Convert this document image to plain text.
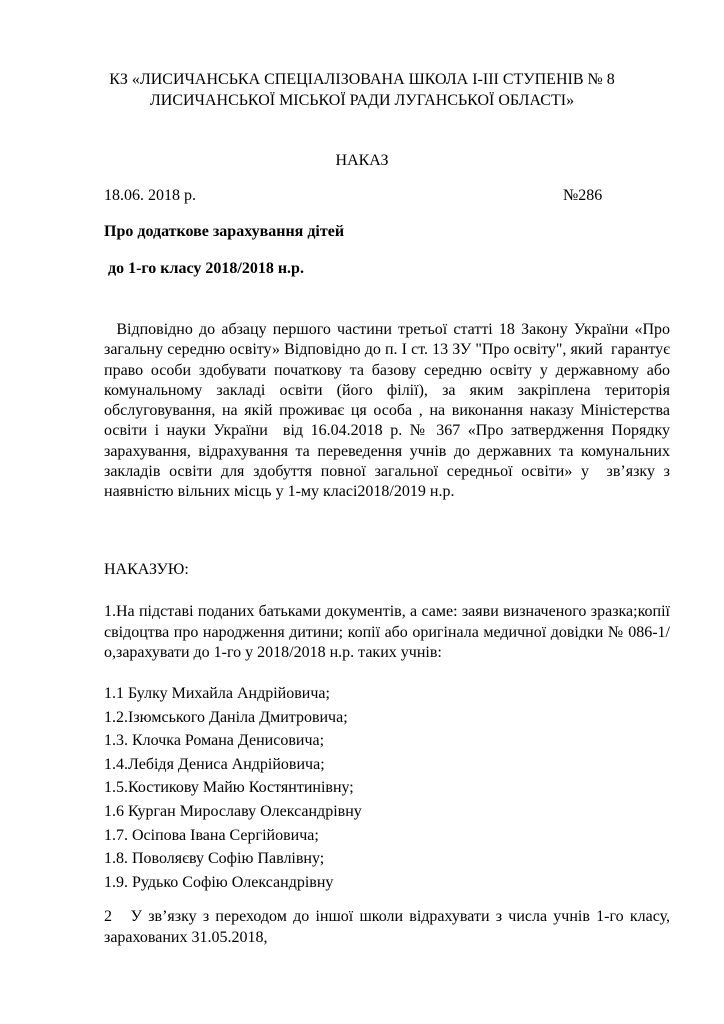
КЗ «ЛИСИЧАНСЬКА СПЕЦІАЛІЗОВАНА ШКОЛА І-ІІІ СТУПЕНІВ № 8
ЛИСИЧАНСЬКОЇ МІСЬКОЇ РАДИ ЛУГАНСЬКОЇ ОБЛАСТІ»
НАКАЗ
18.06. 2018 р.	№286
Про додаткове зарахування дітей
до 1-го класу 2018/2018 н.р.
Відповідно до абзацу першого частини третьої статті 18 Закону України «Про загальну середню освіту» Відповідно до п. I ст. 13 ЗУ "Про освіту", який  гарантує право особи здобувати початкову та базову середню освіту у державному або комунальному закладі освіти (його філії), за яким закріплена територія обслуговування, на якій проживає ця особа , на виконання наказу Міністерства освіти і науки України  від 16.04.2018 р. № 367 «Про затвердження Порядку зарахування, відрахування та переведення учнів до державних та комунальних закладів освіти для здобуття повної загальної середньої освіти» у  зв’язку з наявністю вільних місць у 1-му класі2018/2019 н.р.
НАКАЗУЮ:
1.На підставі поданих батьками документів, а саме: заяви визначеного зразка;копії свідоцтва про народження дитини; копії або оригінала медичної довідки № 086-1/о,зарахувати до 1-го у 2018/2018 н.р. таких учнів:
1.1 Булку Михайла Андрійовича;
1.2.Ізюмського Даніла Дмитровича;
1.3. Клочка Романа Денисовича;
1.4.Лебідя Дениса Андрійовича;
1.5.Костикову Майю Костянтинівну;
1.6 Курган Мирославу Олександрівну
1.7. Осіпова Івана Сергійовича;
1.8. Поволяєву Софію Павлівну;
1.9. Рудько Софію Олександрівну
2   У зв’язку з переходом до іншої школи відрахувати з числа учнів 1-го класу, зарахованих 31.05.2018,
